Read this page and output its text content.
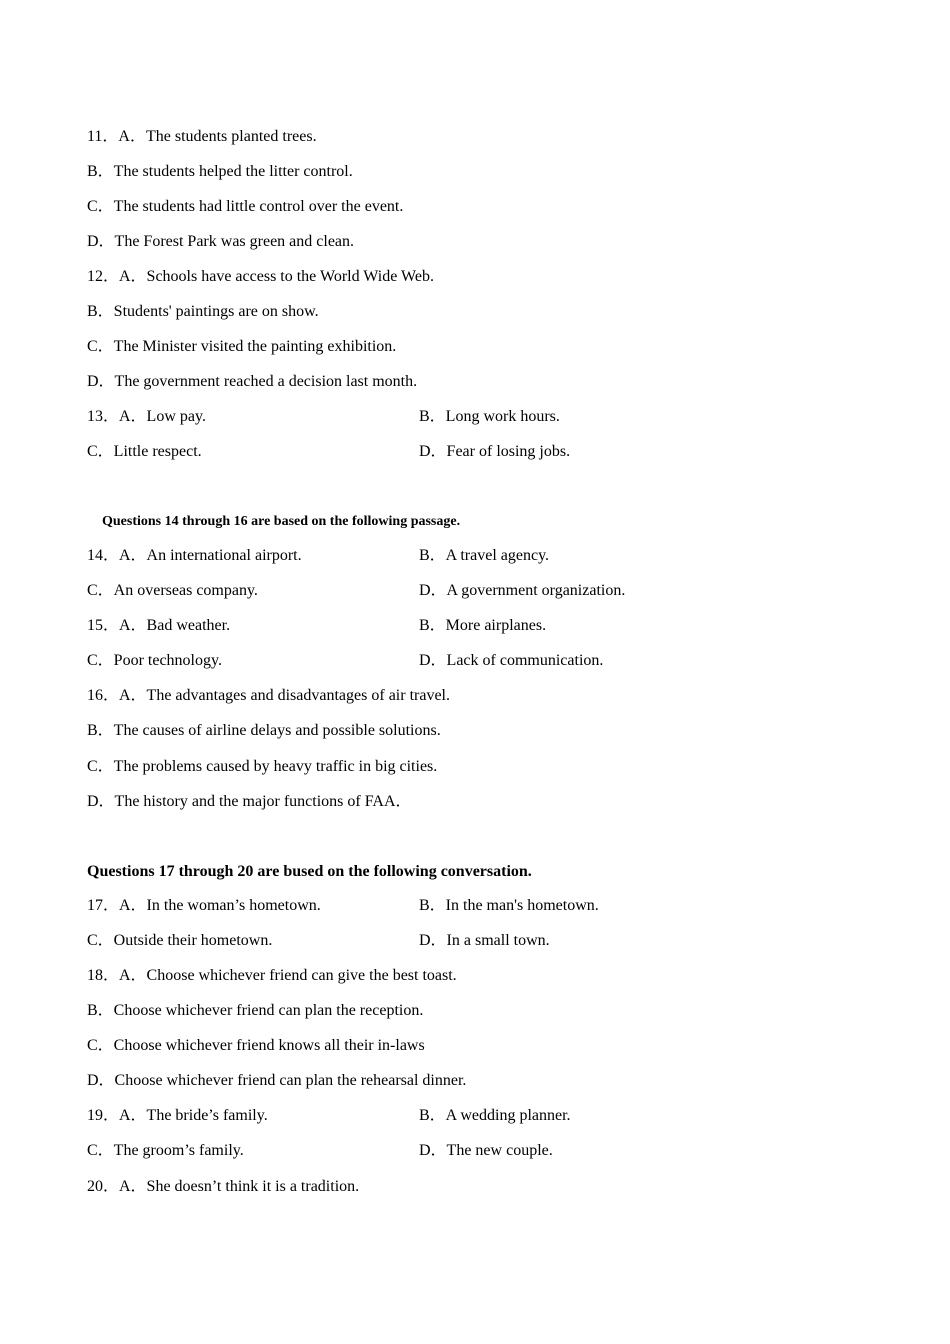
11．A．The students planted trees.
B．The students helped the litter control.
C．The students had little control over the event.
D．The Forest Park was green and clean.
12．A．Schools have access to the World Wide Web.
B．Students' paintings are on show.
C．The Minister visited the painting exhibition.
D．The government reached a decision last month.
13．A．Low pay.	B．Long work hours.
C．Little respect.	D．Fear of losing jobs.
Questions 14 through 16 are based on the following passage.
14．A．An international airport.	B．A travel agency.
C．An overseas company.	D．A government organization.
15．A．Bad weather.	B．More airplanes.
C．Poor technology.	D．Lack of communication.
16．A．The advantages and disadvantages of air travel.
B．The causes of airline delays and possible solutions.
C．The problems caused by heavy traffic in big cities.
D．The history and the major functions of FAA．
Questions 17 through 20 are bused on the following conversation.
17．A．In the woman’s hometown.	B．In the man's hometown.
C．Outside their hometown.	D．In a small town.
18．A．Choose whichever friend can give the best toast.
B．Choose whichever friend can plan the reception.
C．Choose whichever friend knows all their in-laws
D．Choose whichever friend can plan the rehearsal dinner.
19．A．The bride’s family.	B．A wedding planner.
C．The groom’s family.	D．The new couple.
20．A．She doesn’t think it is a tradition.
